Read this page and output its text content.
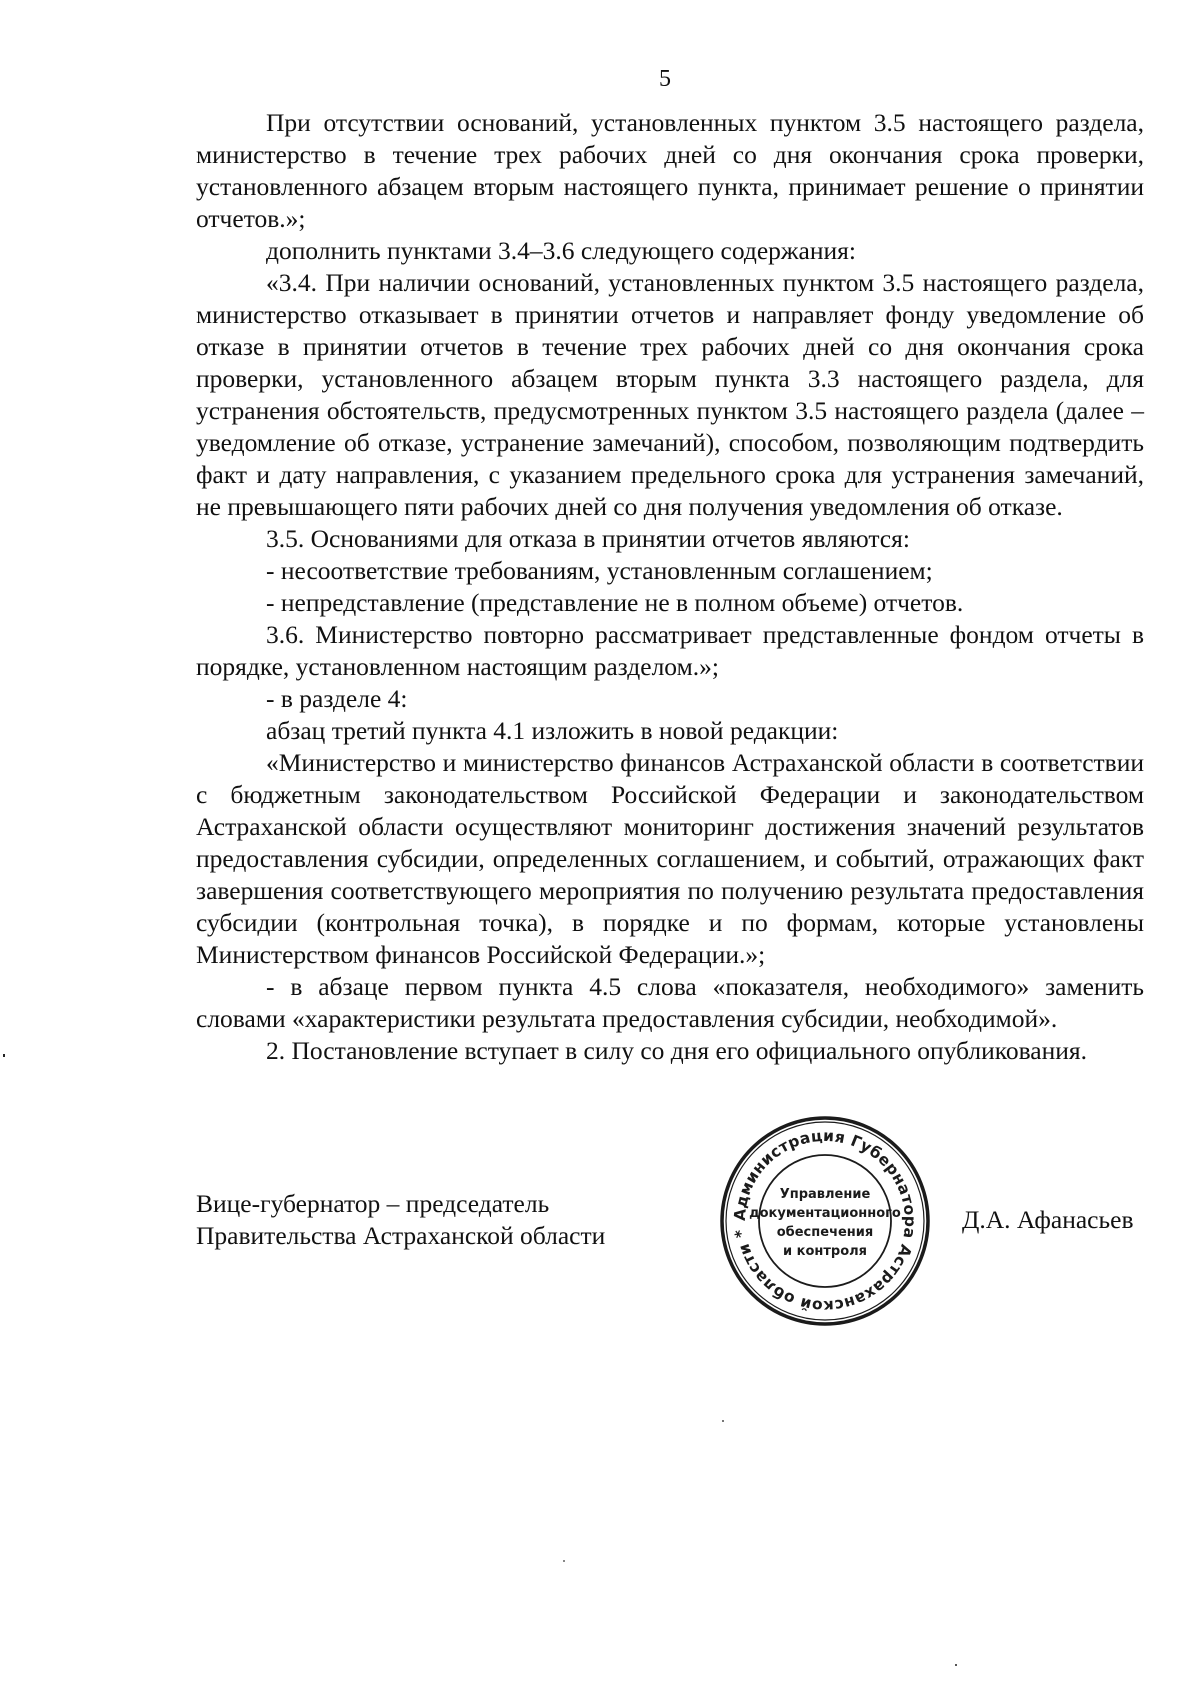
5

При отсутствии оснований, установленных пунктом 3.5 настоящего раздела, министерство в течение трех рабочих дней со дня окончания срока проверки, установленного абзацем вторым настоящего пункта, принимает решение о принятии отчетов.»;

дополнить пунктами 3.4–3.6 следующего содержания:

«3.4. При наличии оснований, установленных пунктом 3.5 настоящего раздела, министерство отказывает в принятии отчетов и направляет фонду уведомление об отказе в принятии отчетов в течение трех рабочих дней со дня окончания срока проверки, установленного абзацем вторым пункта 3.3 настоящего раздела, для устранения обстоятельств, предусмотренных пунктом 3.5 настоящего раздела (далее – уведомление об отказе, устранение замечаний), способом, позволяющим подтвердить факт и дату направления, с указанием предельного срока для устранения замечаний, не превышающего пяти рабочих дней со дня получения уведомления об отказе.

3.5. Основаниями для отказа в принятии отчетов являются:

- несоответствие требованиям, установленным соглашением;

- непредставление (представление не в полном объеме) отчетов.

3.6. Министерство повторно рассматривает представленные фондом отчеты в порядке, установленном настоящим разделом.»;

- в разделе 4:

абзац третий пункта 4.1 изложить в новой редакции:

«Министерство и министерство финансов Астраханской области в соответствии с бюджетным законодательством Российской Федерации и законодательством Астраханской области осуществляют мониторинг достижения значений результатов предоставления субсидии, определенных соглашением, и событий, отражающих факт завершения соответствующего мероприятия по получению результата предоставления субсидии (контрольная точка), в порядке и по формам, которые установлены Министерством финансов Российской Федерации.»;

- в абзаце первом пункта 4.5 слова «показателя, необходимого» заменить словами «характеристики результата предоставления субсидии, необходимой».

2. Постановление вступает в силу со дня его официального опубликования.

Вице-губернатор – председатель
Правительства Астраханской области
Д.А. Афанасьев
Администрация Губернатора Астраханской области *
Управление
документационного
обеспечения
и контроля
